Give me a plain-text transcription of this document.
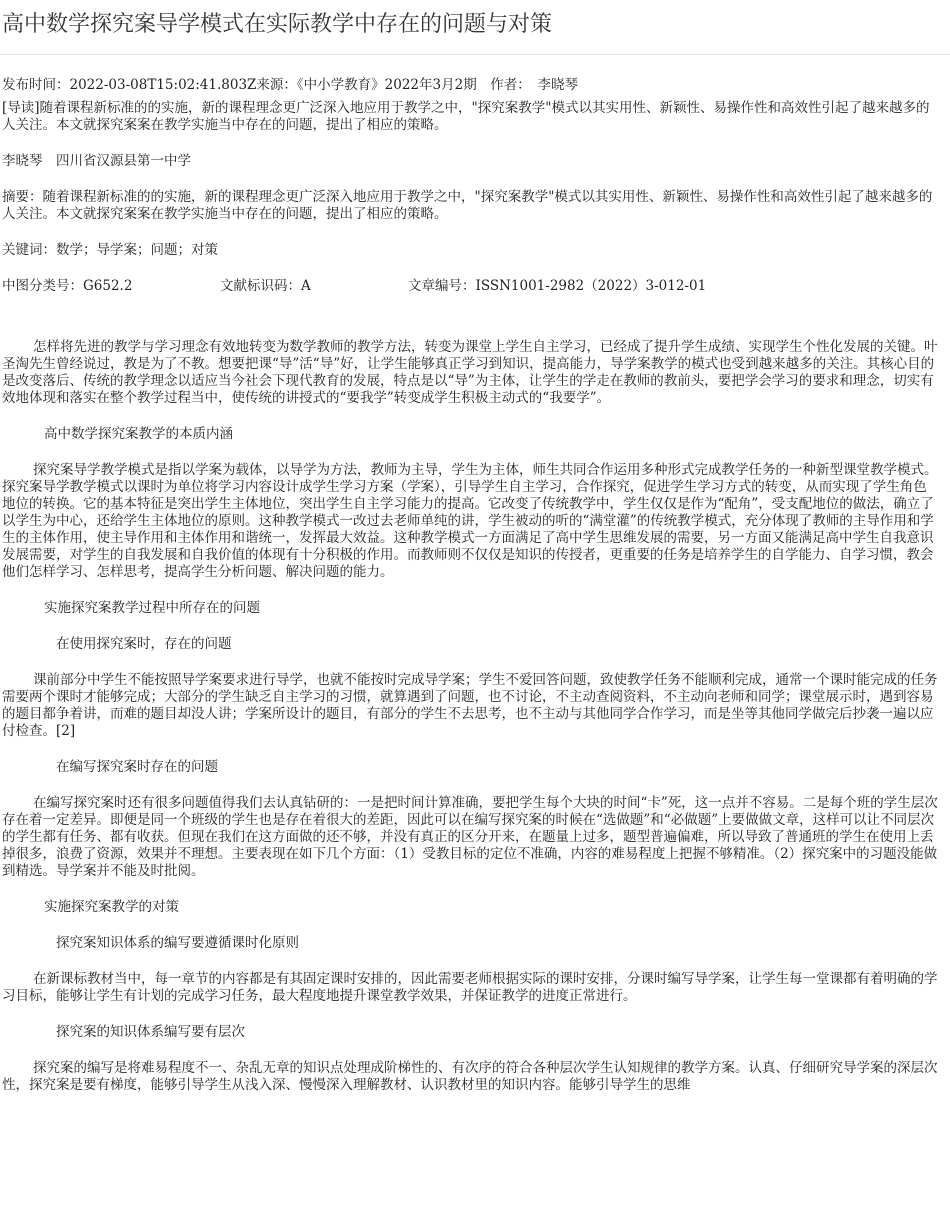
高中数学探究案导学模式在实际教学中存在的问题与对策
发布时间：2022-03-08T15:02:41.803Z来源：《中小学教育》2022年3月2期　作者：　李晓琴

[导读]随着课程新标准的的实施，新的课程理念更广泛深入地应用于教学之中，"探究案教学"模式以其实用性、新颖性、易操作性和高效性引起了越来越多的人关注。本文就探究案案在教学实施当中存在的问题，提出了相应的策略。

李晓琴　四川省汉源县第一中学

摘要：随着课程新标准的的实施，新的课程理念更广泛深入地应用于教学之中，"探究案教学"模式以其实用性、新颖性、易操作性和高效性引起了越来越多的人关注。本文就探究案案在教学实施当中存在的问题，提出了相应的策略。

关键词：数学；导学案；问题；对策

中图分类号：G652.2	文献标识码：A	文章编号：ISSN1001-2982（2022）3-012-01

怎样将先进的教学与学习理念有效地转变为数学教师的教学方法，转变为课堂上学生自主学习，已经成了提升学生成绩、实现学生个性化发展的关键。叶圣淘先生曾经说过，教是为了不教。想要把课“导”活“导”好，让学生能够真正学习到知识，提高能力，导学案教学的模式也受到越来越多的关注。其核心目的是改变落后、传统的教学理念以适应当今社会下现代教育的发展，特点是以“导”为主体，让学生的学走在教师的教前头，要把学会学习的要求和理念，切实有效地体现和落实在整个教学过程当中，使传统的讲授式的“要我学”转变成学生积极主动式的“我要学”。

高中数学探究案教学的本质内涵

探究案导学教学模式是指以学案为载体，以导学为方法，教师为主导，学生为主体，师生共同合作运用多种形式完成教学任务的一种新型课堂教学模式。探究案导学教学模式以课时为单位将学习内容设计成学生学习方案（学案），引导学生自主学习，合作探究，促进学生学习方式的转变，从而实现了学生角色地位的转换。它的基本特征是突出学生主体地位，突出学生自主学习能力的提高。它改变了传统教学中，学生仅仅是作为“配角”，受支配地位的做法，确立了以学生为中心，还给学生主体地位的原则。这种教学模式一改过去老师单纯的讲，学生被动的听的“满堂灌”的传统教学模式，充分体现了教师的主导作用和学生的主体作用，使主导作用和主体作用和谐统一，发挥最大效益。这种教学模式一方面满足了高中学生思维发展的需要，另一方面又能满足高中学生自我意识发展需要，对学生的自我发展和自我价值的体现有十分积极的作用。而教师则不仅仅是知识的传授者，更重要的任务是培养学生的自学能力、自学习惯，教会他们怎样学习、怎样思考，提高学生分析问题、解决问题的能力。

实施探究案教学过程中所存在的问题

在使用探究案时，存在的问题

课前部分中学生不能按照导学案要求进行导学，也就不能按时完成导学案；学生不爱回答问题，致使教学任务不能顺利完成，通常一个课时能完成的任务需要两个课时才能够完成；大部分的学生缺乏自主学习的习惯，就算遇到了问题，也不讨论，不主动查阅资料，不主动向老师和同学；课堂展示时，遇到容易的题目都争着讲，而难的题目却没人讲；学案所设计的题目，有部分的学生不去思考，也不主动与其他同学合作学习，而是坐等其他同学做完后抄袭一遍以应付检查。[2]

在编写探究案时存在的问题

在编写探究案时还有很多问题值得我们去认真钻研的：一是把时间计算准确，要把学生每个大块的时间“卡”死，这一点并不容易。二是每个班的学生层次存在着一定差异。即便是同一个班级的学生也是存在着很大的差距，因此可以在编写探究案的时候在“选做题”和“必做题”上要做做文章，这样可以让不同层次的学生都有任务、都有收获。但现在我们在这方面做的还不够，并没有真正的区分开来，在题量上过多，题型普遍偏难，所以导致了普通班的学生在使用上丢掉很多，浪费了资源，效果并不理想。主要表现在如下几个方面：（1）受教目标的定位不准确，内容的难易程度上把握不够精准。（2）探究案中的习题没能做到精选。导学案并不能及时批阅。

实施探究案教学的对策

探究案知识体系的编写要遵循课时化原则

在新课标教材当中，每一章节的内容都是有其固定课时安排的，因此需要老师根据实际的课时安排，分课时编写导学案，让学生每一堂课都有着明确的学习目标，能够让学生有计划的完成学习任务，最大程度地提升课堂教学效果，并保证教学的进度正常进行。

探究案的知识体系编写要有层次

探究案的编写是将难易程度不一、杂乱无章的知识点处理成阶梯性的、有次序的符合各种层次学生认知规律的教学方案。认真、仔细研究导学案的深层次性，探究案是要有梯度，能够引导学生从浅入深、慢慢深入理解教材、认识教材里的知识内容。能够引导学生的思维
